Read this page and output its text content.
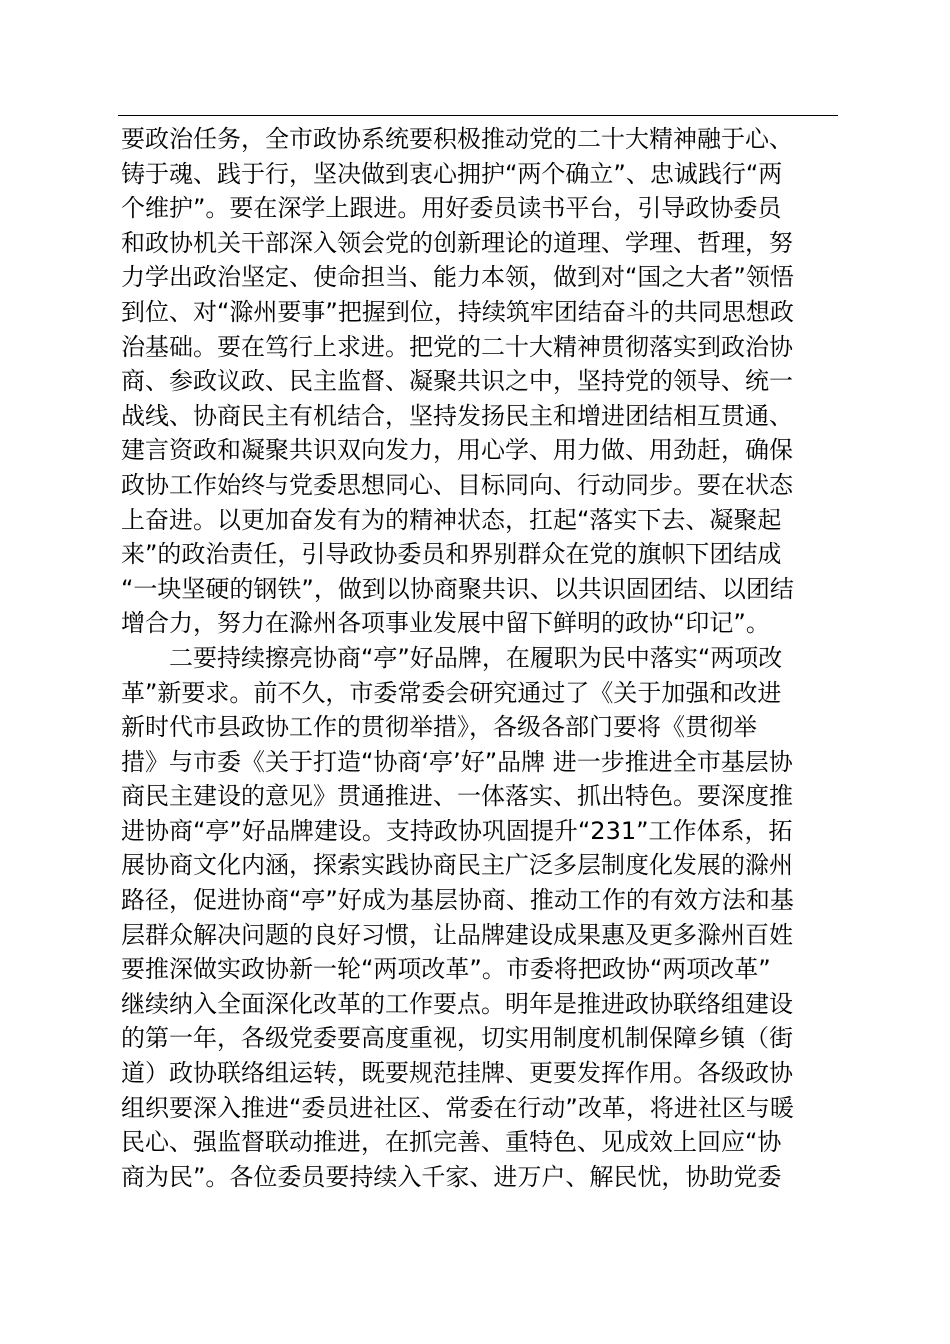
要政治任务，全市政协系统要积极推动党的二十大精神融于心、
铸于魂、践于行，坚决做到衷心拥护“两个确立”、忠诚践行“两
个维护”。要在深学上跟进。用好委员读书平台，引导政协委员
和政协机关干部深入领会党的创新理论的道理、学理、哲理，努
力学出政治坚定、使命担当、能力本领，做到对“国之大者”领悟
到位、对“滁州要事”把握到位，持续筑牢团结奋斗的共同思想政
治基础。要在笃行上求进。把党的二十大精神贯彻落实到政治协
商、参政议政、民主监督、凝聚共识之中，坚持党的领导、统一
战线、协商民主有机结合，坚持发扬民主和增进团结相互贯通、
建言资政和凝聚共识双向发力，用心学、用力做、用劲赶，确保
政协工作始终与党委思想同心、目标同向、行动同步。要在状态
上奋进。以更加奋发有为的精神状态，扛起“落实下去、凝聚起
来”的政治责任，引导政协委员和界别群众在党的旗帜下团结成
“一块坚硬的钢铁”，做到以协商聚共识、以共识固团结、以团结
增合力，努力在滁州各项事业发展中留下鲜明的政协“印记”。
二要持续擦亮协商“亭”好品牌，在履职为民中落实“两项改
革”新要求。前不久，市委常委会研究通过了《关于加强和改进
新时代市县政协工作的贯彻举措》，各级各部门要将《贯彻举
措》与市委《关于打造“协商‘亭’好”品牌 进一步推进全市基层协
商民主建设的意见》贯通推进、一体落实、抓出特色。要深度推
进协商“亭”好品牌建设。支持政协巩固提升“231”工作体系，拓
展协商文化内涵，探索实践协商民主广泛多层制度化发展的滁州
路径，促进协商“亭”好成为基层协商、推动工作的有效方法和基
层群众解决问题的良好习惯，让品牌建设成果惠及更多滁州百姓
要推深做实政协新一轮“两项改革”。市委将把政协“两项改革”
继续纳入全面深化改革的工作要点。明年是推进政协联络组建设
的第一年，各级党委要高度重视，切实用制度机制保障乡镇（街
道）政协联络组运转，既要规范挂牌、更要发挥作用。各级政协
组织要深入推进“委员进社区、常委在行动”改革，将进社区与暖
民心、强监督联动推进，在抓完善、重特色、见成效上回应“协
商为民”。各位委员要持续入千家、进万户、解民忧，协助党委
